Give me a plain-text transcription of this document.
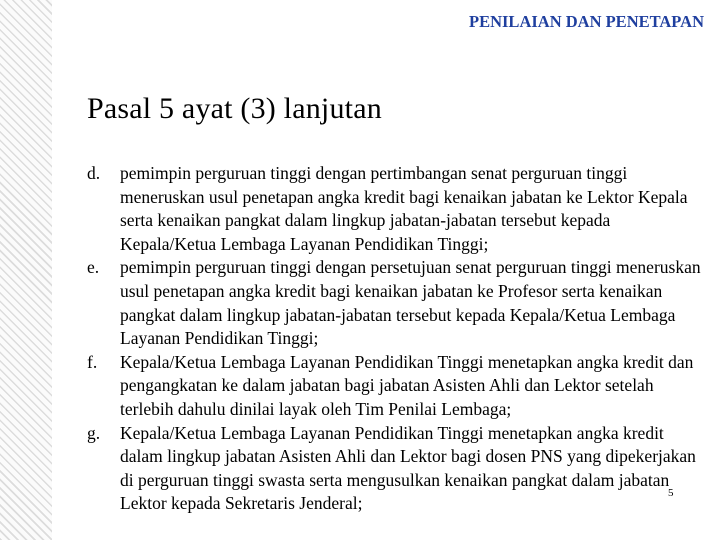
PENILAIAN DAN PENETAPAN
Pasal 5 ayat (3) lanjutan
d.	pemimpin perguruan tinggi dengan pertimbangan senat perguruan tinggi meneruskan usul penetapan angka kredit bagi kenaikan jabatan ke Lektor Kepala serta kenaikan pangkat dalam lingkup jabatan-jabatan tersebut kepada Kepala/Ketua Lembaga Layanan Pendidikan Tinggi;
e.	pemimpin perguruan tinggi dengan persetujuan senat perguruan tinggi meneruskan usul penetapan angka kredit bagi kenaikan jabatan ke Profesor serta kenaikan pangkat dalam lingkup jabatan-jabatan tersebut kepada Kepala/Ketua Lembaga Layanan Pendidikan Tinggi;
f.	Kepala/Ketua Lembaga Layanan Pendidikan Tinggi menetapkan angka kredit dan pengangkatan ke dalam jabatan bagi jabatan Asisten Ahli dan Lektor setelah terlebih dahulu dinilai layak oleh Tim Penilai Lembaga;
g.	Kepala/Ketua Lembaga Layanan Pendidikan Tinggi menetapkan angka kredit dalam lingkup jabatan Asisten Ahli dan Lektor bagi dosen PNS yang dipekerjakan di perguruan tinggi swasta serta mengusulkan kenaikan pangkat dalam jabatan Lektor kepada Sekretaris Jenderal;
5
